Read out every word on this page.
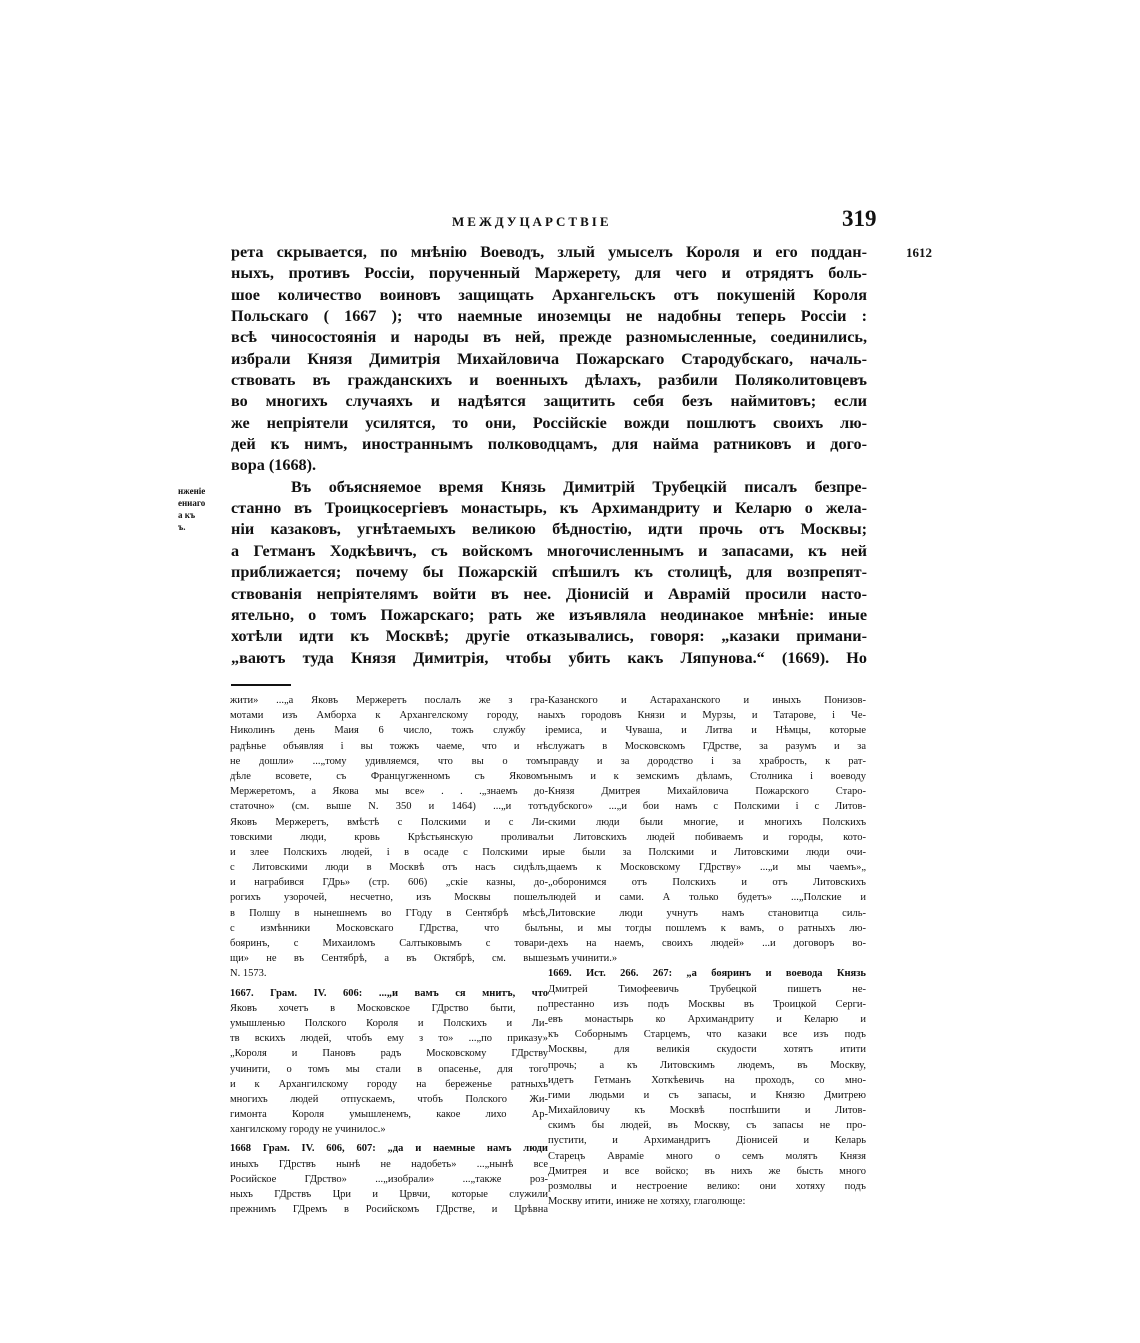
МЕЖДУЦАРСТВІЕ	319
1612
нженіе
ениаго
а къ
ъ.
рета скрывается, по мнѣнію Воеводъ, злый умыселъ Короля и его поддан-
ныхъ, противъ Россіи, порученный Маржерету, для чего и отрядятъ боль-
шое количество воиновъ защищать Архангельскъ отъ покушеній Короля
Польскаго ( 1667 ); что наемные иноземцы не надобны теперь Россіи :
всѣ чиносостоянія и народы въ ней, прежде разномысленные, соединились,
избрали Князя Димитрія Михайловича Пожарскаго Стародубскаго, началь-
ствовать въ гражданскихъ и военныхъ дѣлахъ, разбили Поляколитовцевъ
во многихъ случаяхъ и надѣятся защитить себя безъ наймитовъ; если
же непріятели усилятся, то они, Россійскіе вожди пошлютъ своихъ лю-
дей къ нимъ, иностраннымъ полководцамъ, для найма ратниковъ и дого-
вора (1668).
Въ объясняемое время Князь Димитрій Трубецкій писалъ безпре-
станно въ Троицкосергіевъ монастырь, къ Архимандриту и Келарю о жела-
ніи казаковъ, угнѣтаемыхъ великою бѣдностію, идти прочь отъ Москвы;
а Гетманъ Ходкѣвичъ, съ войскомъ многочисленнымъ и запасами, къ ней
приближается; почему бы Пожарскій спѣшилъ къ столицѣ, для возпрепят-
ствованія непріятелямъ войти въ нее. Діонисій и Аврамій просили насто-
ятельно, о томъ Пожарскаго; рать же изъявляла неодинакое мнѣніе: иные
хотѣли идти къ Москвѣ; другіе отказывались, говоря: „казаки примани-
„ваютъ туда Князя Димитрія, чтобы убить какъ Ляпунова.“ (1669). Но
жити» ...„а Яковъ Мержеретъ послалъ же з гра-
мотами изъ Амборха к Архангелскому городу, на
Николинъ день Маия 6 число, тожъ службу і
радѣнье объявляя і вы тожжъ чаеме, что и нѣ
не дошли» ...„тому удивляемся, что вы о томъ
дѣле всовете, съ Францугженномъ съ Яковомъ
Мержеретомъ, а Якова мы все» . . .„знаемъ до-
статочно» (см. выше N. 350 и 1464) ...„и тотъ
Яковъ Мержеретъ, вмѣстѣ с Полскими и с Ли-
товскими люди, кровь Крѣстьянскую проливалъ
и злее Полскихъ людей, і в осаде с Полскими и
с Литовскими люди в Москвѣ отъ насъ сидѣлъ,
и награбився ГДрь» (стр. 606) „скіе казны, до-
рогихъ узорочей, несчетно, изъ Москвы пошелъ
в Полшу в нынешнемъ во ГГоду в Сентябрѣ мѣсѣ,
с измѣнники Московскаго ГДрства, что былъ
бояринъ, с Михаиломъ Салтыковымъ с товари-
щи» не въ Сентябрѣ, а въ Октябрѣ, см. выше
N. 1573.
1667. Грам. IV. 606: ...„и вамъ ся мнитъ, что
Яковъ хочетъ в Московское ГДрство быти, по
умышленью Полского Короля и Полскихъ и Ли-
тв вскихъ людей, чтобъ ему з то» ...„по приказу»
„Короля и Пановъ радъ Московскому ГДрству
учинити, о томъ мы стали в опасенье, для того
и к Архангилскому городу на береженье ратныхъ
многихъ людей отпускаемъ, чтобъ Полского Жи-
гимонта Короля умышленемъ, какое лихо Ар-
хангилскому городу не учинилос.»
1668 Грам. IV. 606, 607: „да и наемные намъ люди
иныхъ ГДрствъ нынѣ не надобеть» ...„нынѣ все
Росийское ГДрство» ...„изобрали» ...„также роз-
ныхъ ГДрствъ Цри и Црвчи, которые служили
прежнимъ ГДремъ в Росийскомъ ГДрстве, и Црѣвна
Казанского и Астараханского и иныхъ Понизов-
ыхъ городовъ Князи и Мурзы, и Татарове, і Че-
ремиса, и Чуваша, и Литва и Нѣмцы, которые
служатъ в Московскомъ ГДрстве, за разумъ и за
правду и за дородство і за храбрость, к рат-
нымъ и к земскимъ дѣламъ, Столника і воеводу
Князя Дмитрея Михайловича Пожарского Старо-
дубского» ...„и бои намъ с Полскими і с Литов-
скими люди были многие, и многихъ Полскихъ
и Литовскихъ людей побиваемъ и городы, кото-
рые были за Полскими и Литовскими люди очи-
щаемъ к Московскому ГДрству» ...„и мы чаемъ»„
„оборонимся отъ Полскихъ и отъ Литовскихъ
людей и сами. А только будетъ» ...„Полские и
Литовские люди учнутъ намъ становитца силь-
ны, и мы тогды пошлемъ к вамъ, о ратныхъ лю-
дехъ на наемъ, своихъ людей» ...и договоръ во-
зьмъ учинити.»
1669. Ист. 266. 267: „а бояринъ и воевода Князь
Дмитрей Тимофеевичь Трубецкой пишетъ не-
престанно изъ подъ Москвы въ Троицкой Серги-
евъ монастырь ко Архимандриту и Келарю и
къ Соборнымъ Старцемъ, что казаки все изъ подъ
Москвы, для великія скудости хотятъ итити
прочь; а къ Литовскимъ людемъ, въ Москву,
идетъ Гетманъ Хоткѣевичь на проходъ, со мно-
гими людьми и съ запасы, и Князю Дмитрею
Михайловичу къ Москвѣ поспѣшити и Литов-
скимъ бы людей, въ Москву, съ запасы не про-
пустити, и Архимандритъ Діонисей и Келарь
Старецъ Авраміе много о семъ молятъ Князя
Дмитрея и все войско; въ нихъ же бысть много
розмолвы и нестроение велико: они хотяху подъ
Москву итити, иниже не хотяху, глаголюще:
